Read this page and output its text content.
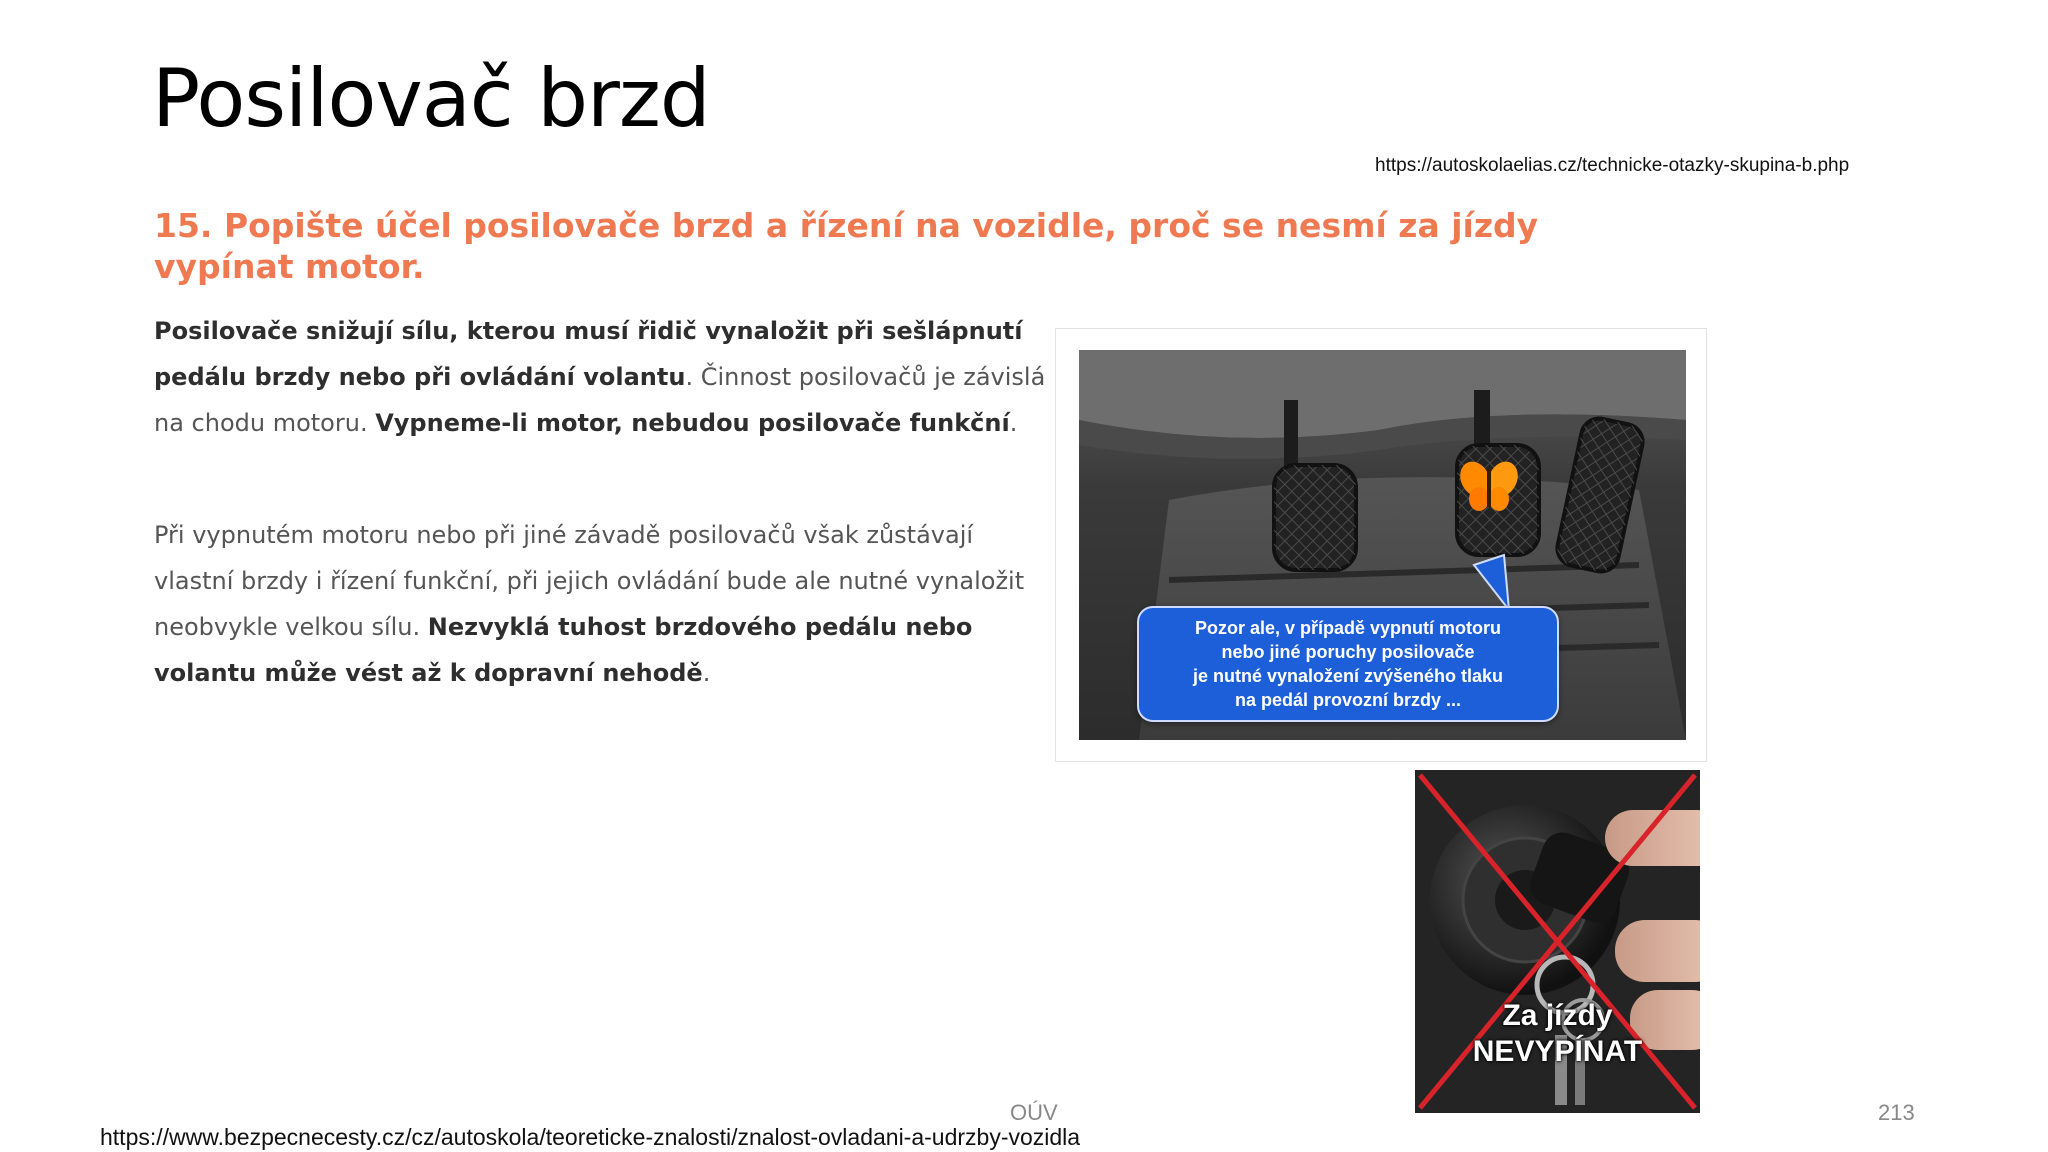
Posilovač brzd
https://autoskolaelias.cz/technicke-otazky-skupina-b.php
15. Popište účel posilovače brzd a řízení na vozidle, proč se nesmí za jízdy vypínat motor.
Posilovače snižují sílu, kterou musí řidič vynaložit při sešlápnutí pedálu brzdy nebo při ovládání volantu. Činnost posilovačů je závislá na chodu motoru. Vypneme-li motor, nebudou posilovače funkční.
Při vypnutém motoru nebo při jiné závadě posilovačů však zůstávají vlastní brzdy i řízení funkční, při jejich ovládání bude ale nutné vynaložit neobvykle velkou sílu. Nezvyklá tuhost brzdového pedálu nebo volantu může vést až k dopravní nehodě.
Pozor ale, v případě vypnutí motoru
nebo jiné poruchy posilovače
je nutné vynaložení zvýšeného tlaku
na pedál provozní brzdy ...
Za jízdy
NEVYPÍNAT
OÚV	213
https://www.bezpecnecesty.cz/cz/autoskola/teoreticke-znalosti/znalost-ovladani-a-udrzby-vozidla
